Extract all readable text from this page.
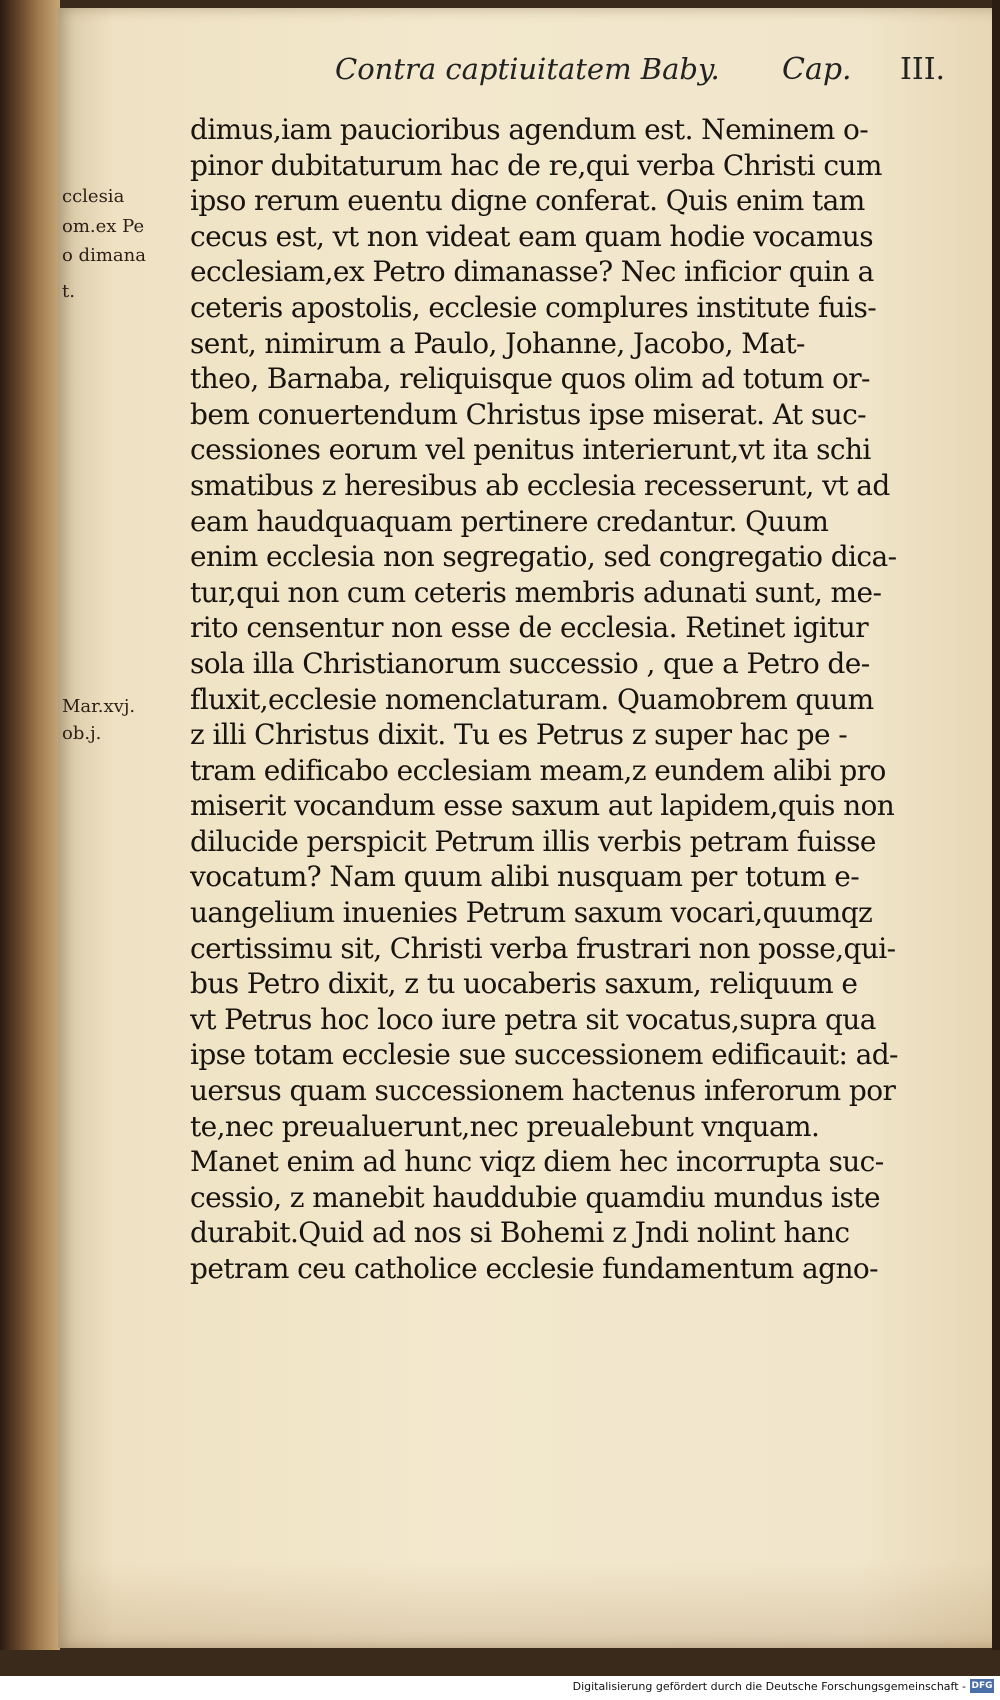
Contra captiuitatem Baby. Cap. III.
cclesia
om.ex Pe
o dimana
t.
Mar.xvj.
ob.j.
dimus,iam paucioribus agendum est. Neminem o-
pinor dubitaturum hac de re,qui verba Christi cum
ipso rerum euentu digne conferat. Quis enim tam
cecus est, vt non videat eam quam hodie vocamus
ecclesiam,ex Petro dimanasse? Nec inficior quin a
ceteris apostolis, ecclesie complures institute fuis-
sent, nimirum a Paulo, Johanne, Jacobo, Mat-
theo, Barnaba, reliquisque quos olim ad totum or-
bem conuertendum Christus ipse miserat. At suc-
cessiones eorum vel penitus interierunt,vt ita schi
smatibus z heresibus ab ecclesia recesserunt, vt ad
eam haudquaquam pertinere credantur. Quum
enim ecclesia non segregatio, sed congregatio dica-
tur,qui non cum ceteris membris adunati sunt, me-
rito censentur non esse de ecclesia. Retinet igitur
sola illa Christianorum successio , que a Petro de-
fluxit,ecclesie nomenclaturam. Quamobrem quum
z illi Christus dixit. Tu es Petrus z super hac pe -
tram edificabo ecclesiam meam,z eundem alibi pro
miserit vocandum esse saxum aut lapidem,quis non
dilucide perspicit Petrum illis verbis petram fuisse
vocatum? Nam quum alibi nusquam per totum e-
uangelium inuenies Petrum saxum vocari,quumqz
certissimu sit, Christi verba frustrari non posse,qui-
bus Petro dixit, z tu uocaberis saxum, reliquum e
vt Petrus hoc loco iure petra sit vocatus,supra qua
ipse totam ecclesie sue successionem edificauit: ad-
uersus quam successionem hactenus inferorum por
te,nec preualuerunt,nec preualebunt vnquam.
Manet enim ad hunc viqz diem hec incorrupta suc-
cessio, z manebit hauddubie quamdiu mundus iste
durabit.Quid ad nos si Bohemi z Jndi nolint hanc
petram ceu catholice ecclesie fundamentum agno-
Digitalisierung gefördert durch die Deutsche Forschungsgemeinschaft - DFG
